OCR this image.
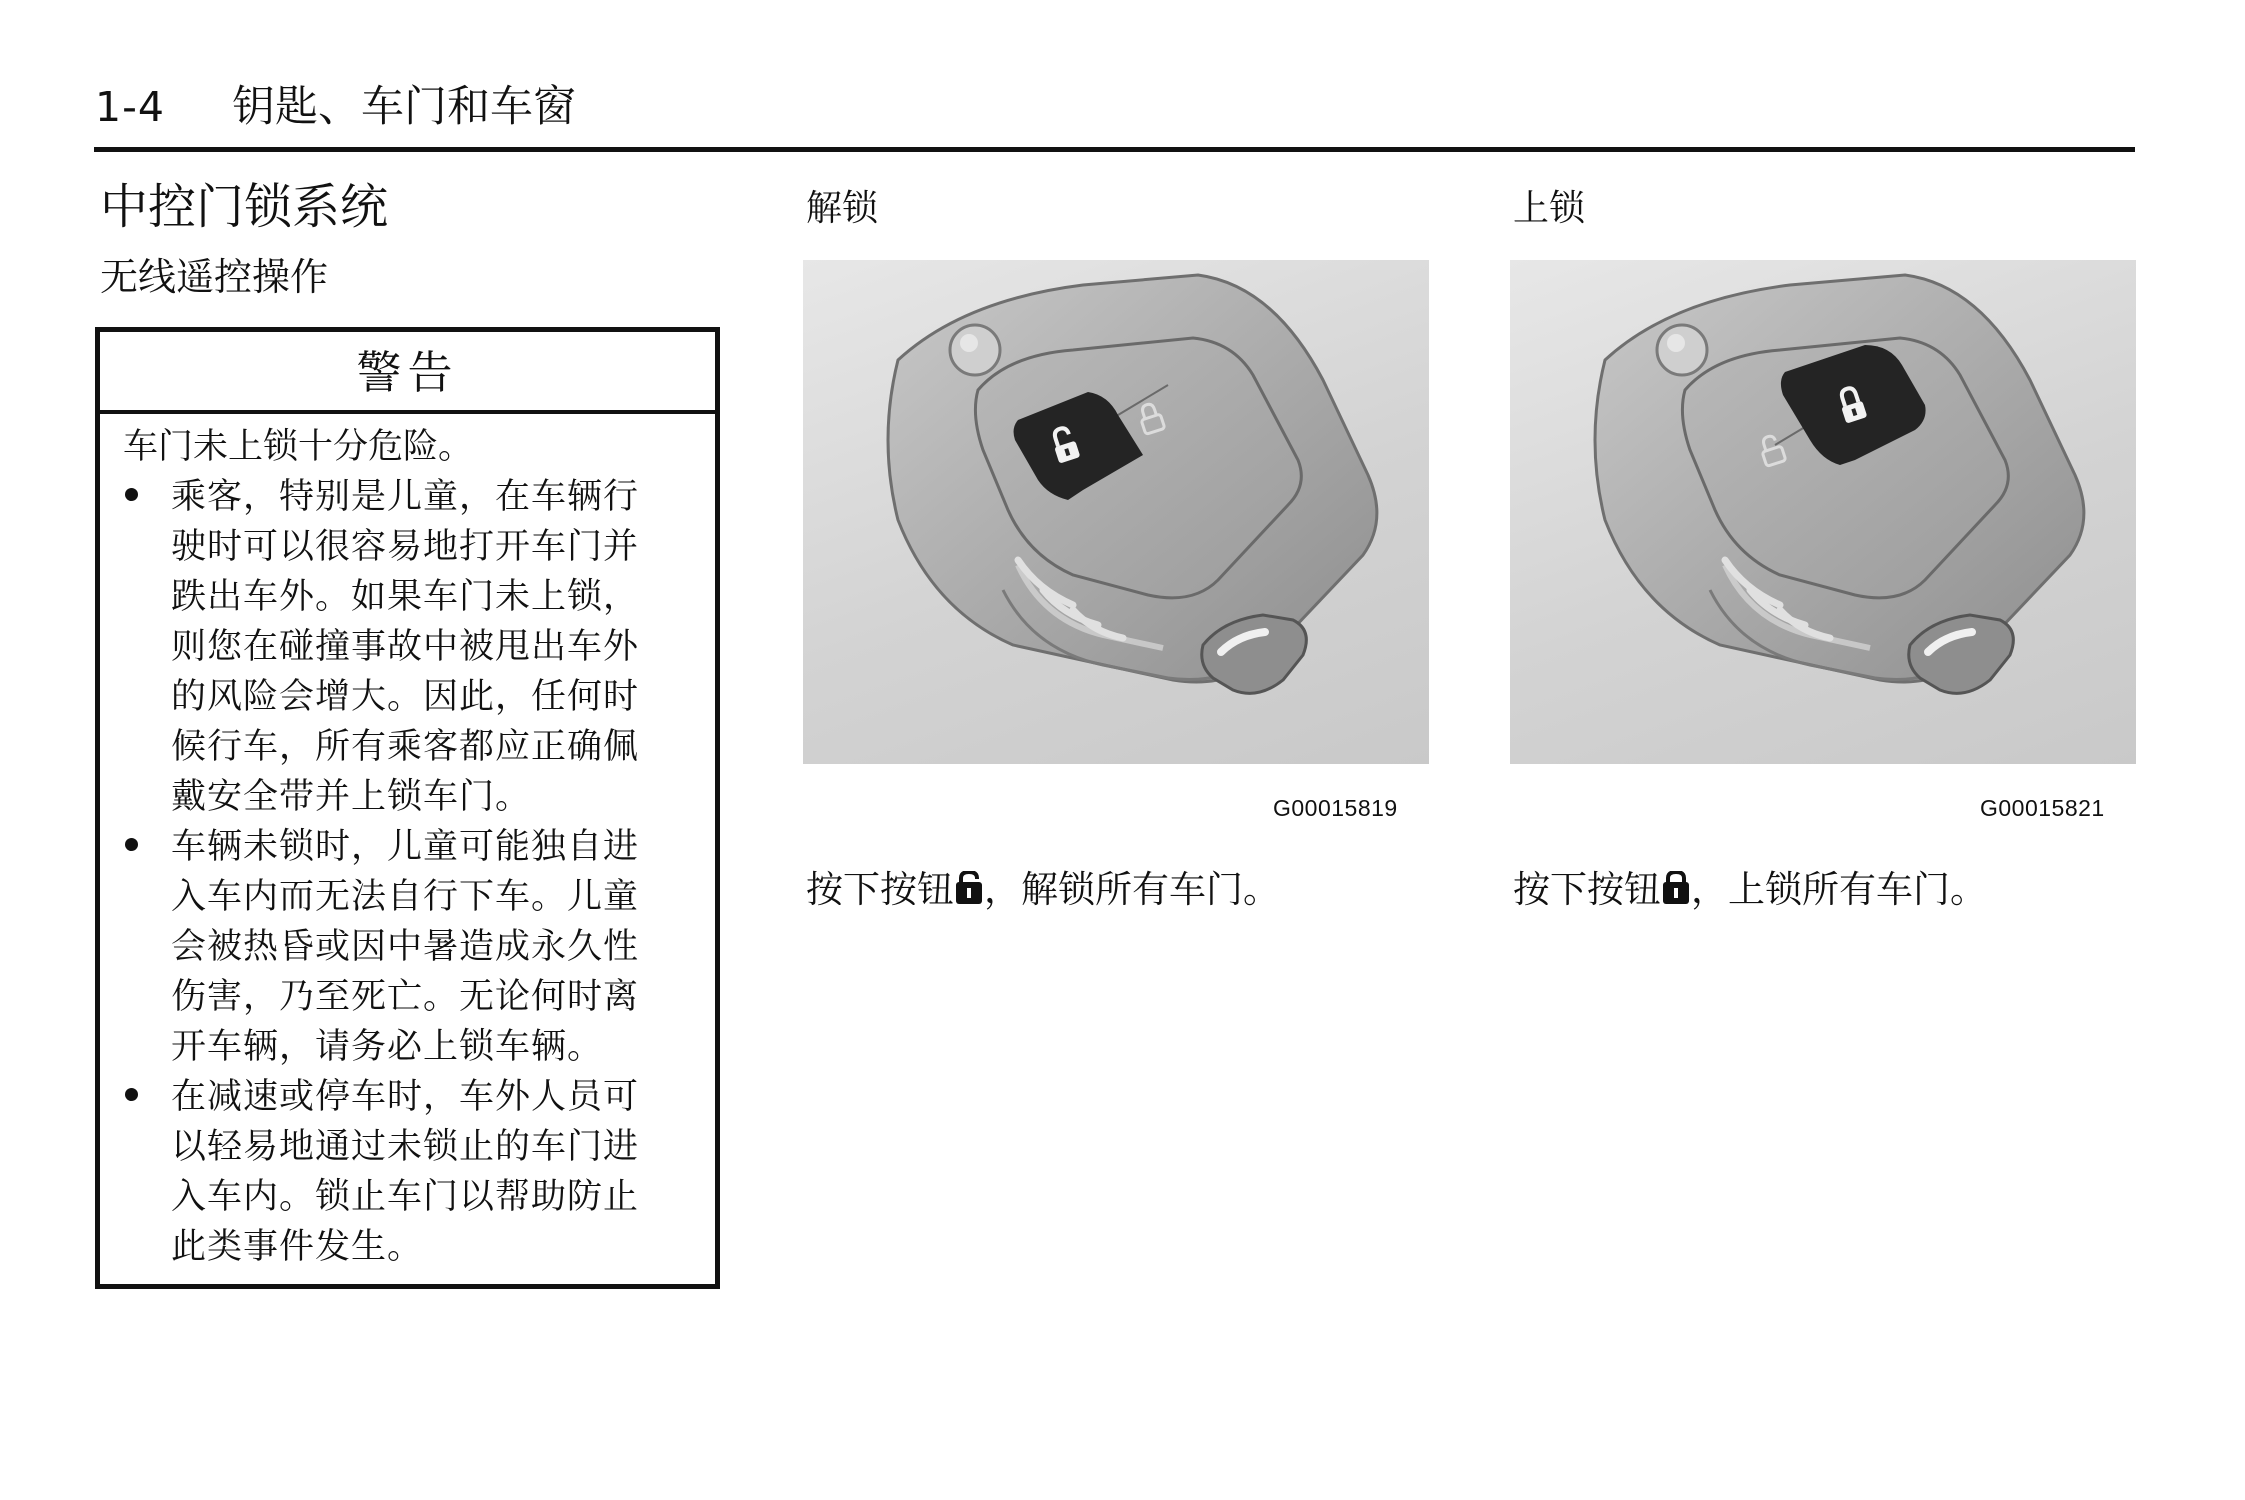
1-4 钥匙、车门和车窗
中控门锁系统
无线遥控操作
警告
车门未上锁十分危险。
乘客，特别是儿童，在车辆行
驶时可以很容易地打开车门并
跌出车外。如果车门未上锁，
则您在碰撞事故中被甩出车外
的风险会增大。因此，任何时
候行车，所有乘客都应正确佩
戴安全带并上锁车门。
车辆未锁时，儿童可能独自进
入车内而无法自行下车。儿童
会被热昏或因中暑造成永久性
伤害，乃至死亡。无论何时离
开车辆，请务必上锁车辆。
在减速或停车时，车外人员可
以轻易地通过未锁止的车门进
入车内。锁止车门以帮助防止
此类事件发生。
解锁
G00015819
按下按钮 ，解锁所有车门。
上锁
G00015821
按下按钮 ，上锁所有车门。
